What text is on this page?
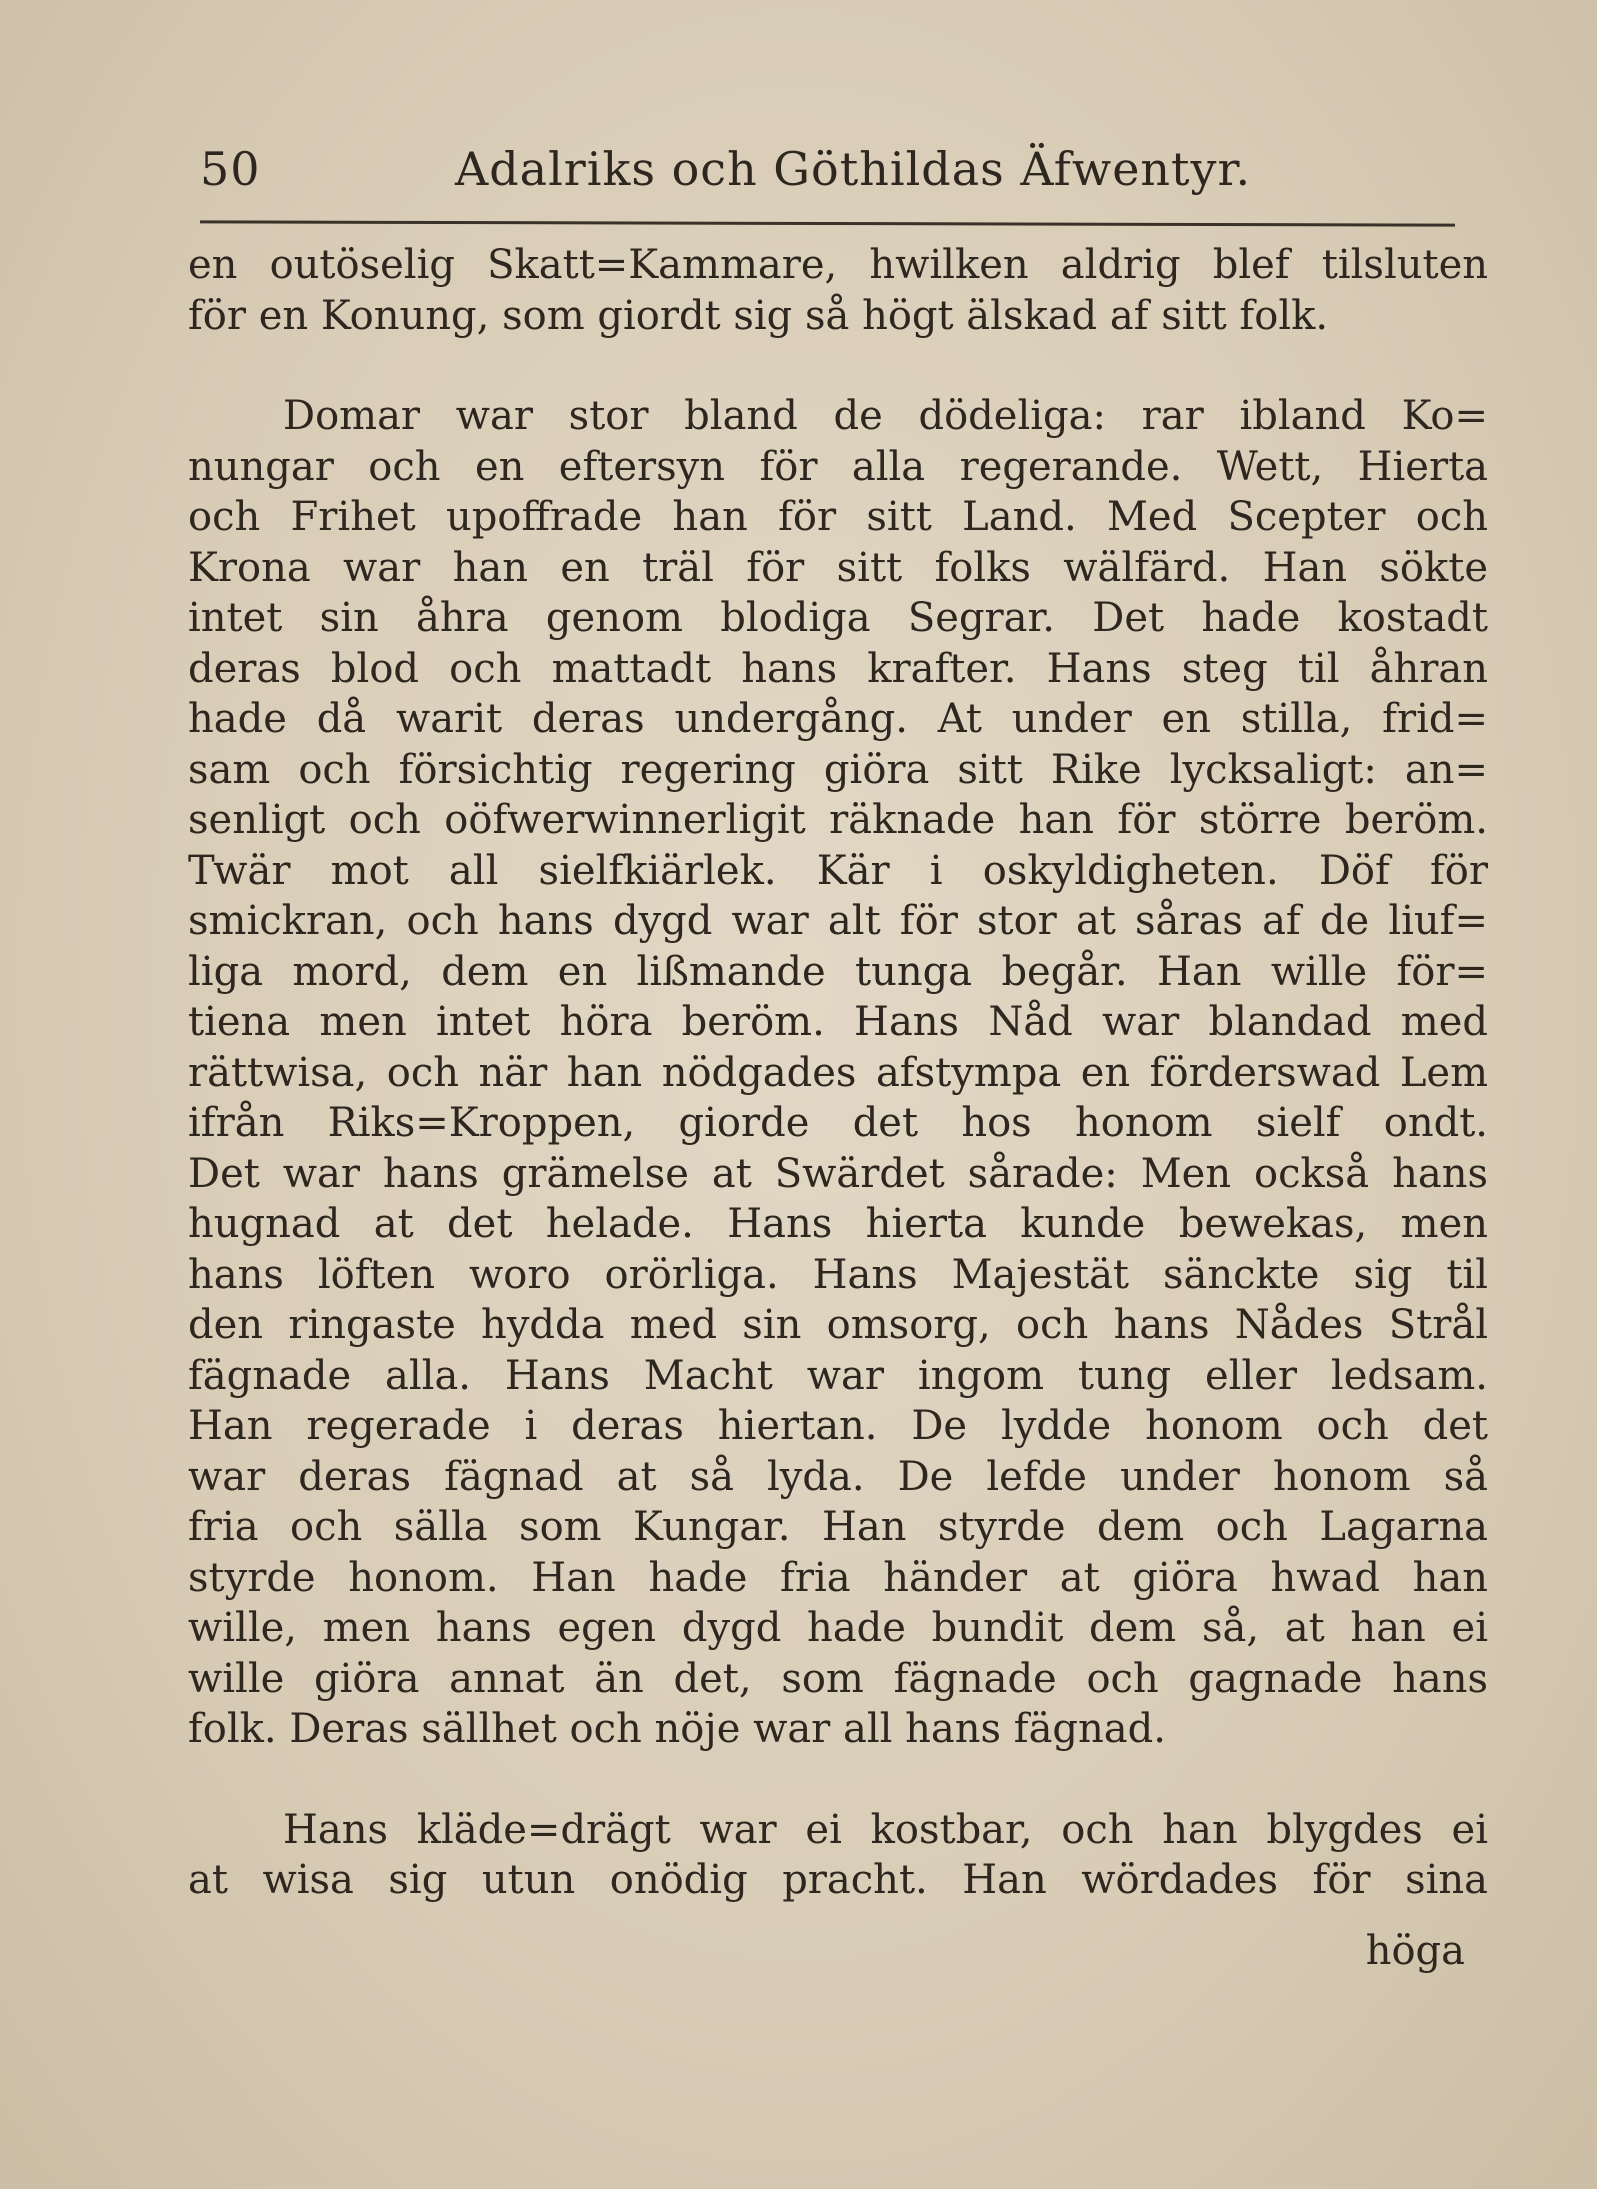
50	Adalriks och Göthildas Äfwentyr.
en outöselig Skatt=Kammare, hwilken aldrig blef tilsluten
för en Konung, som giordt sig så högt älskad af sitt folk.
Domar war stor bland de dödeliga: rar ibland Ko=
nungar och en eftersyn för alla regerande. Wett, Hierta
och Frihet upoffrade han för sitt Land. Med Scepter och
Krona war han en träl för sitt folks wälfärd. Han sökte
intet sin åhra genom blodiga Segrar. Det hade kostadt
deras blod och mattadt hans krafter. Hans steg til åhran
hade då warit deras undergång. At under en stilla, frid=
sam och försichtig regering giöra sitt Rike lycksaligt: an=
senligt och oöfwerwinnerligit räknade han för större beröm.
Twär mot all sielfkiärlek. Kär i oskyldigheten. Döf för
smickran, och hans dygd war alt för stor at såras af de liuf=
liga mord, dem en lißmande tunga begår. Han wille för=
tiena men intet höra beröm. Hans Nåd war blandad med
rättwisa, och när han nödgades afstympa en förderswad Lem
ifrån Riks=Kroppen, giorde det hos honom sielf ondt.
Det war hans grämelse at Swärdet sårade: Men också hans
hugnad at det helade. Hans hierta kunde bewekas, men
hans löften woro orörliga. Hans Majestät sänckte sig til
den ringaste hydda med sin omsorg, och hans Nådes Strål
fägnade alla. Hans Macht war ingom tung eller ledsam.
Han regerade i deras hiertan. De lydde honom och det
war deras fägnad at så lyda. De lefde under honom så
fria och sälla som Kungar. Han styrde dem och Lagarna
styrde honom. Han hade fria händer at giöra hwad han
wille, men hans egen dygd hade bundit dem så, at han ei
wille giöra annat än det, som fägnade och gagnade hans
folk. Deras sällhet och nöje war all hans fägnad.
Hans kläde=drägt war ei kostbar, och han blygdes ei
at wisa sig utun onödig pracht. Han wördades för sina
höga
